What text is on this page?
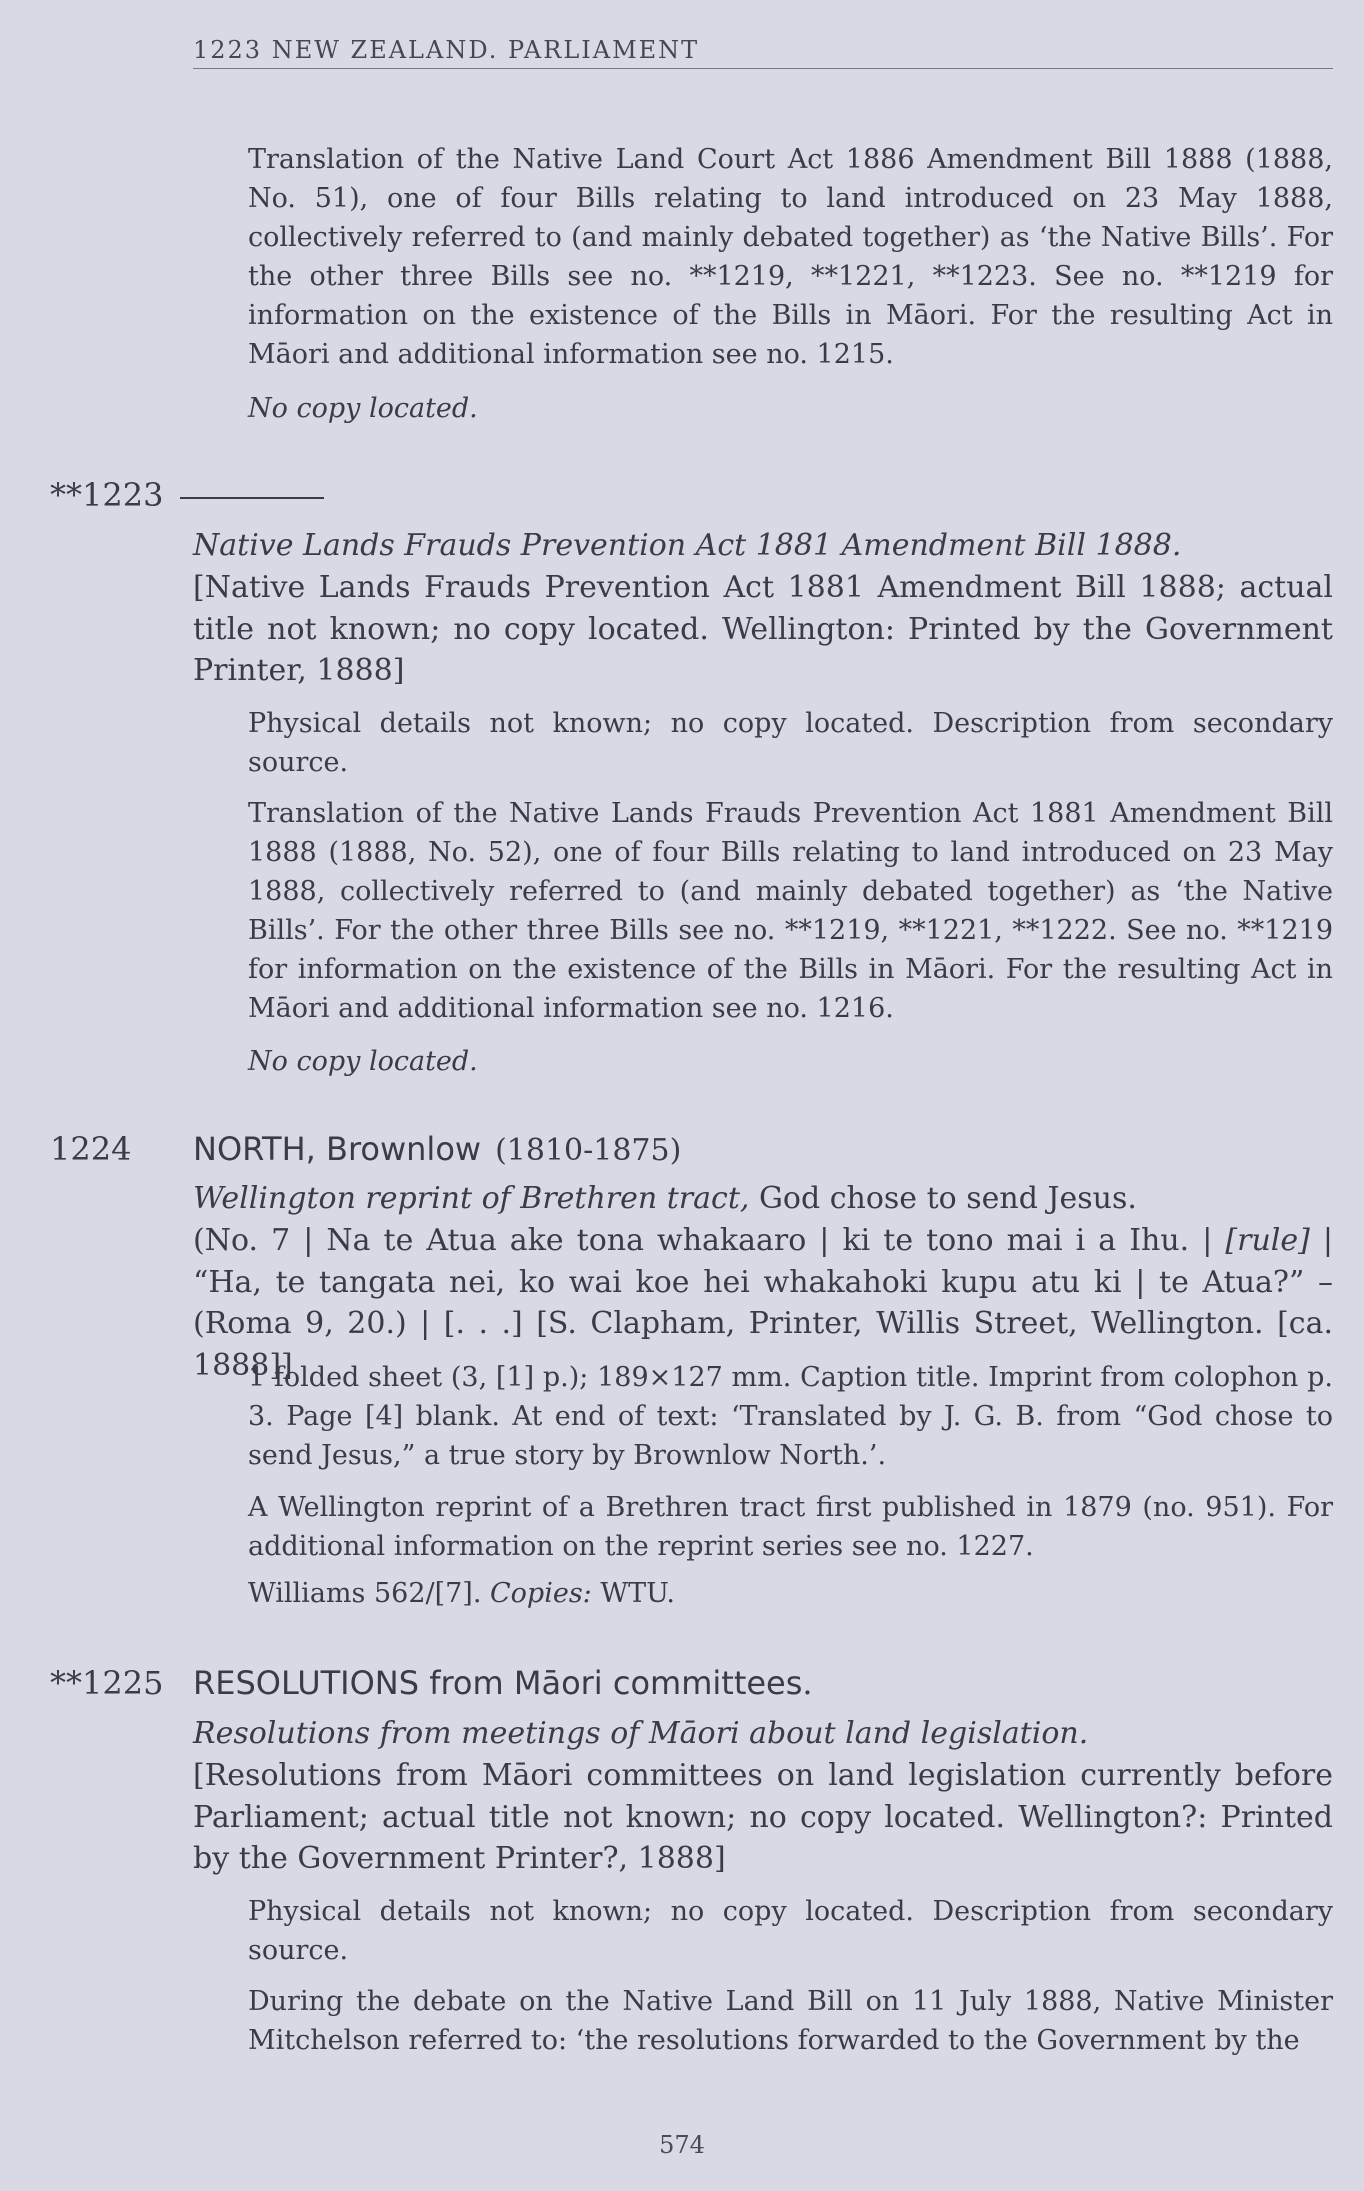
1223 NEW ZEALAND. PARLIAMENT
Translation of the Native Land Court Act 1886 Amendment Bill 1888 (1888, No. 51), one of four Bills relating to land introduced on 23 May 1888, collectively referred to (and mainly debated together) as ‘the Native Bills’. For the other three Bills see no. **1219, **1221, **1223. See no. **1219 for information on the existence of the Bills in Māori. For the resulting Act in Māori and additional information see no. 1215.
No copy located.
**1223
Native Lands Frauds Prevention Act 1881 Amendment Bill 1888.
[Native Lands Frauds Prevention Act 1881 Amendment Bill 1888; actual title not known; no copy located. Wellington: Printed by the Government Printer, 1888]
Physical details not known; no copy located. Description from secondary source.
Translation of the Native Lands Frauds Prevention Act 1881 Amendment Bill 1888 (1888, No. 52), one of four Bills relating to land introduced on 23 May 1888, collectively referred to (and mainly debated together) as ‘the Native Bills’. For the other three Bills see no. **1219, **1221, **1222. See no. **1219 for information on the existence of the Bills in Māori. For the resulting Act in Māori and additional information see no. 1216.
No copy located.
1224 NORTH, Brownlow (1810-1875)
Wellington reprint of Brethren tract, God chose to send Jesus.
(No. 7 | Na te Atua ake tona whakaaro | ki te tono mai i a Ihu. | [rule] | “Ha, te tangata nei, ko wai koe hei whakahoki kupu atu ki | te Atua?” – (Roma 9, 20.) | [. . .] [S. Clapham, Printer, Willis Street, Wellington. [ca. 1888]]
1 folded sheet (3, [1] p.); 189×127 mm. Caption title. Imprint from colophon p. 3. Page [4] blank. At end of text: ‘Translated by J. G. B. from “God chose to send Jesus,” a true story by Brownlow North.’.
A Wellington reprint of a Brethren tract first published in 1879 (no. 951). For additional information on the reprint series see no. 1227.
Williams 562/[7]. Copies: WTU.
**1225 RESOLUTIONS from Māori committees.
Resolutions from meetings of Māori about land legislation.
[Resolutions from Māori committees on land legislation currently before Parliament; actual title not known; no copy located. Wellington?: Printed by the Government Printer?, 1888]
Physical details not known; no copy located. Description from secondary source.
During the debate on the Native Land Bill on 11 July 1888, Native Minister Mitchelson referred to: ‘the resolutions forwarded to the Government by the
574
